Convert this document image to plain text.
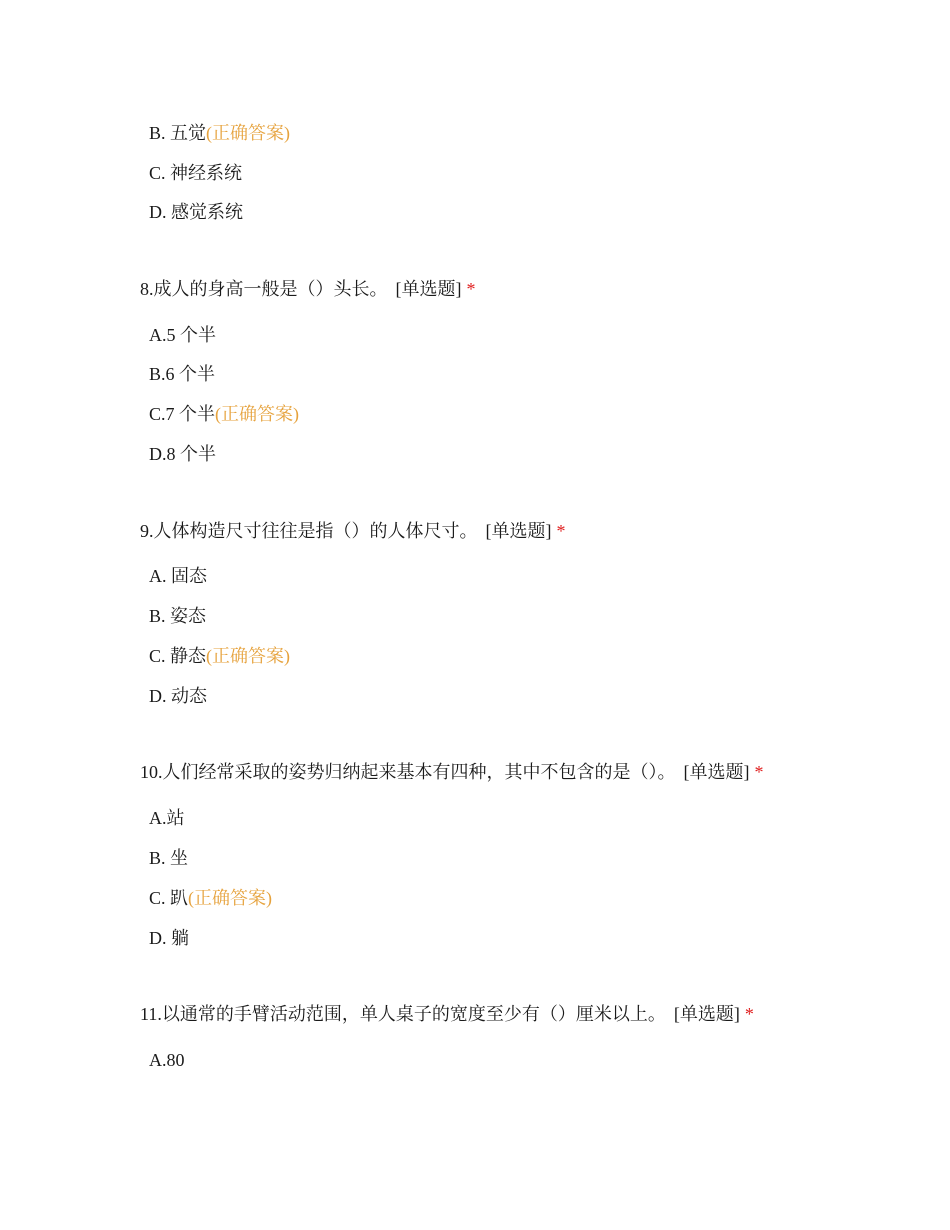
B. 五觉(正确答案)
C. 神经系统
D. 感觉系统
8.成人的身高一般是（）头长。 [单选题] *
A.5 个半
B.6 个半
C.7 个半(正确答案)
D.8 个半
9.人体构造尺寸往往是指（）的人体尺寸。 [单选题] *
A. 固态
B. 姿态
C. 静态(正确答案)
D. 动态
10.人们经常采取的姿势归纳起来基本有四种，其中不包含的是（）。 [单选题] *
A.站
B. 坐
C. 趴(正确答案)
D. 躺
11.以通常的手臂活动范围，单人桌子的宽度至少有（）厘米以上。 [单选题] *
A.80
